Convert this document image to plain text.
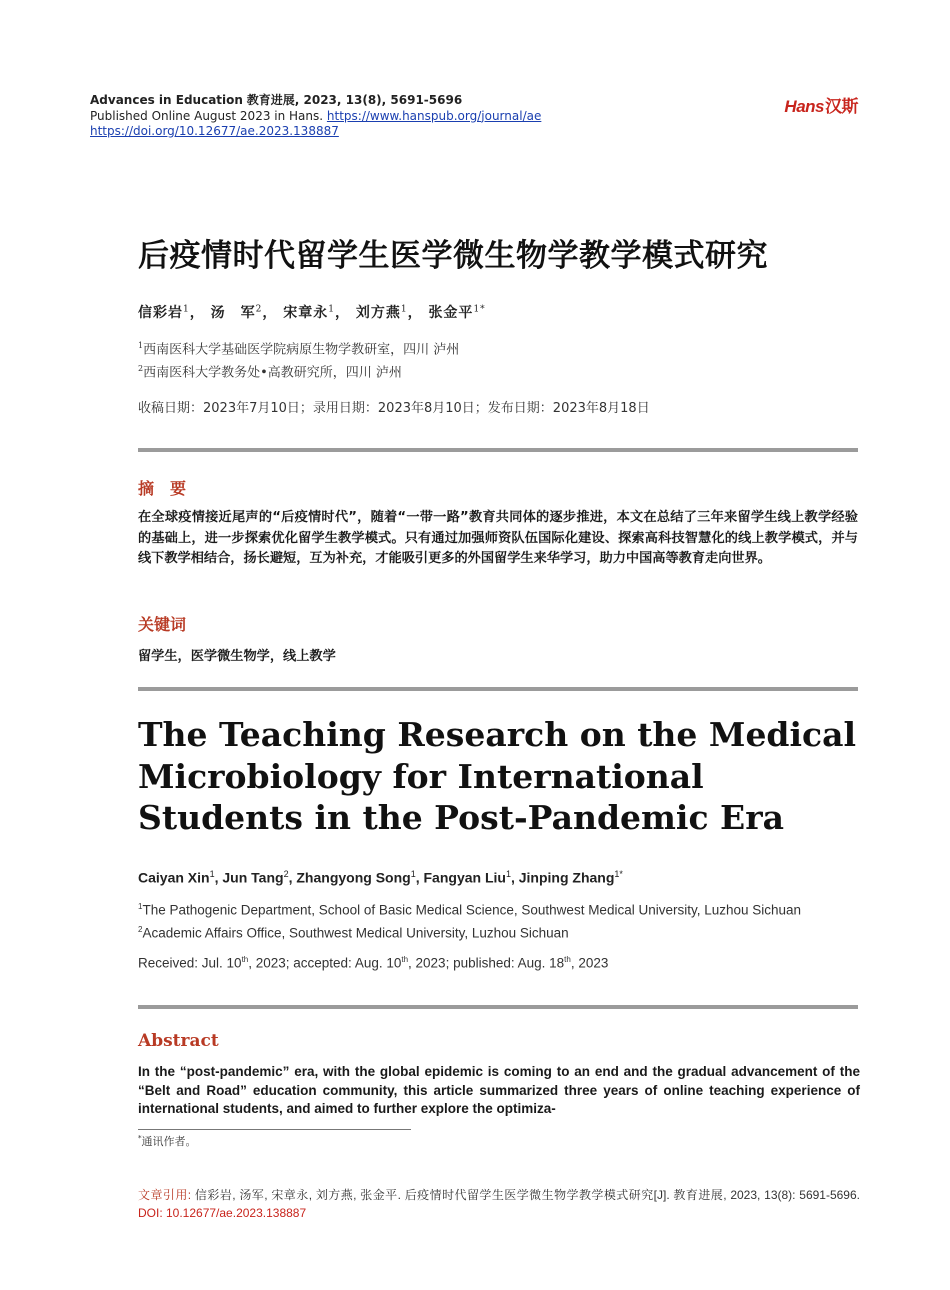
Advances in Education 教育进展, 2023, 13(8), 5691-5696
Published Online August 2023 in Hans. https://www.hanspub.org/journal/ae
https://doi.org/10.12677/ae.2023.138887
Hans汉斯
后疫情时代留学生医学微生物学教学模式研究
信彩岩$^1$， 汤　军$^2$， 宋章永$^1$， 刘方燕$^1$， 张金平$^{1*}$
$^1$西南医科大学基础医学院病原生物学教研室，四川 泸州
$^2$西南医科大学教务处•高教研究所，四川 泸州
收稿日期：2023年7月10日；录用日期：2023年8月10日；发布日期：2023年8月18日
摘　要
在全球疫情接近尾声的“后疫情时代”，随着“一带一路”教育共同体的逐步推进，本文在总结了三年来留学生线上教学经验的基础上，进一步探索优化留学生教学模式。只有通过加强师资队伍国际化建设、探索高科技智慧化的线上教学模式，并与线下教学相结合，扬长避短，互为补充，才能吸引更多的外国留学生来华学习，助力中国高等教育走向世界。
关键词
留学生，医学微生物学，线上教学
The Teaching Research on the Medical Microbiology for International Students in the Post-Pandemic Era
Caiyan Xin$^1$, Jun Tang$^2$, Zhangyong Song$^1$, Fangyan Liu$^1$, Jinping Zhang$^{1*}$
$^1$The Pathogenic Department, School of Basic Medical Science, Southwest Medical University, Luzhou Sichuan
$^2$Academic Affairs Office, Southwest Medical University, Luzhou Sichuan
Received: Jul. 10th, 2023; accepted: Aug. 10th, 2023; published: Aug. 18th, 2023
Abstract
In the “post-pandemic” era, with the global epidemic is coming to an end and the gradual advancement of the “Belt and Road” education community, this article summarized three years of online teaching experience of international students, and aimed to further explore the optimiza-
*通讯作者。
文章引用: 信彩岩, 汤军, 宋章永, 刘方燕, 张金平. 后疫情时代留学生医学微生物学教学模式研究[J]. 教育进展, 2023, 13(8): 5691-5696. DOI: 10.12677/ae.2023.138887
